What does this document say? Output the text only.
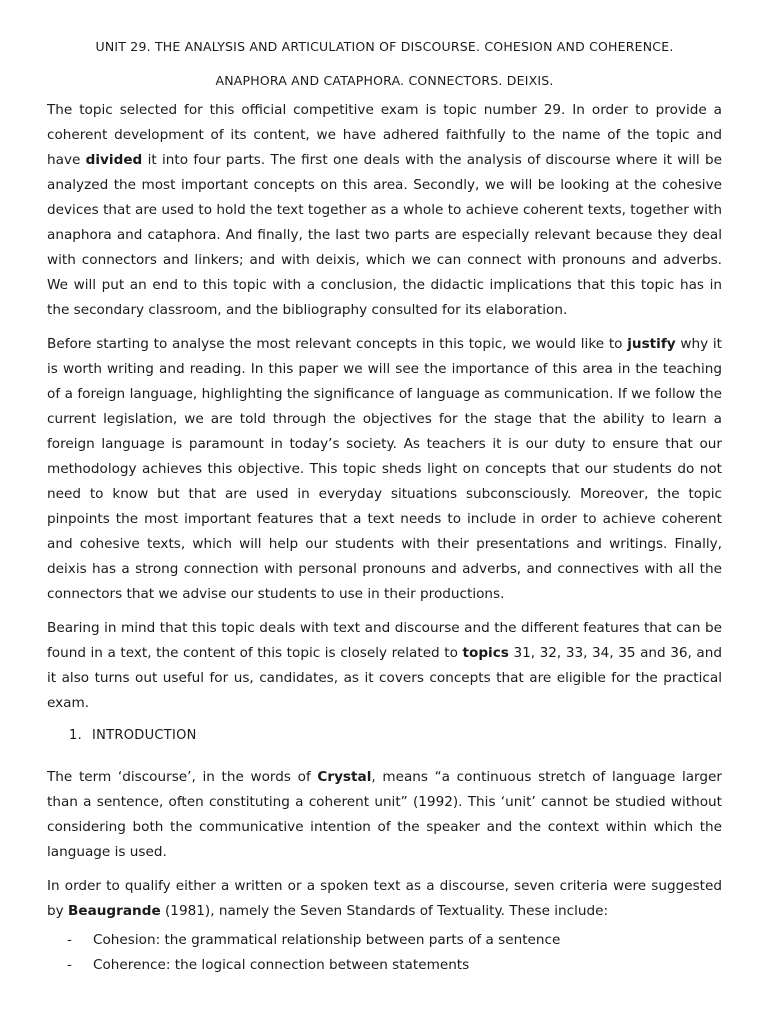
UNIT 29. THE ANALYSIS AND ARTICULATION OF DISCOURSE. COHESION AND COHERENCE.

ANAPHORA AND CATAPHORA. CONNECTORS. DEIXIS.

The topic selected for this official competitive exam is topic number 29. In order to provide a coherent development of its content, we have adhered faithfully to the name of the topic and have divided it into four parts. The first one deals with the analysis of discourse where it will be analyzed the most important concepts on this area. Secondly, we will be looking at the cohesive devices that are used to hold the text together as a whole to achieve coherent texts, together with anaphora and cataphora. And finally, the last two parts are especially relevant because they deal with connectors and linkers; and with deixis, which we can connect with pronouns and adverbs. We will put an end to this topic with a conclusion, the didactic implications that this topic has in the secondary classroom, and the bibliography consulted for its elaboration.

Before starting to analyse the most relevant concepts in this topic, we would like to justify why it is worth writing and reading. In this paper we will see the importance of this area in the teaching of a foreign language, highlighting the significance of language as communication. If we follow the current legislation, we are told through the objectives for the stage that the ability to learn a foreign language is paramount in today’s society. As teachers it is our duty to ensure that our methodology achieves this objective. This topic sheds light on concepts that our students do not need to know but that are used in everyday situations subconsciously. Moreover, the topic pinpoints the most important features that a text needs to include in order to achieve coherent and cohesive texts, which will help our students with their presentations and writings. Finally, deixis has a strong connection with personal pronouns and adverbs, and connectives with all the connectors that we advise our students to use in their productions.

Bearing in mind that this topic deals with text and discourse and the different features that can be found in a text, the content of this topic is closely related to topics 31, 32, 33, 34, 35 and 36, and it also turns out useful for us, candidates, as it covers concepts that are eligible for the practical exam.

1. INTRODUCTION

The term ‘discourse’, in the words of Crystal, means “a continuous stretch of language larger than a sentence, often constituting a coherent unit” (1992). This ‘unit’ cannot be studied without considering both the communicative intention of the speaker and the context within which the language is used.

In order to qualify either a written or a spoken text as a discourse, seven criteria were suggested by Beaugrande (1981), namely the Seven Standards of Textuality. These include:

-	Cohesion: the grammatical relationship between parts of a sentence
-	Coherence: the logical connection between statements
